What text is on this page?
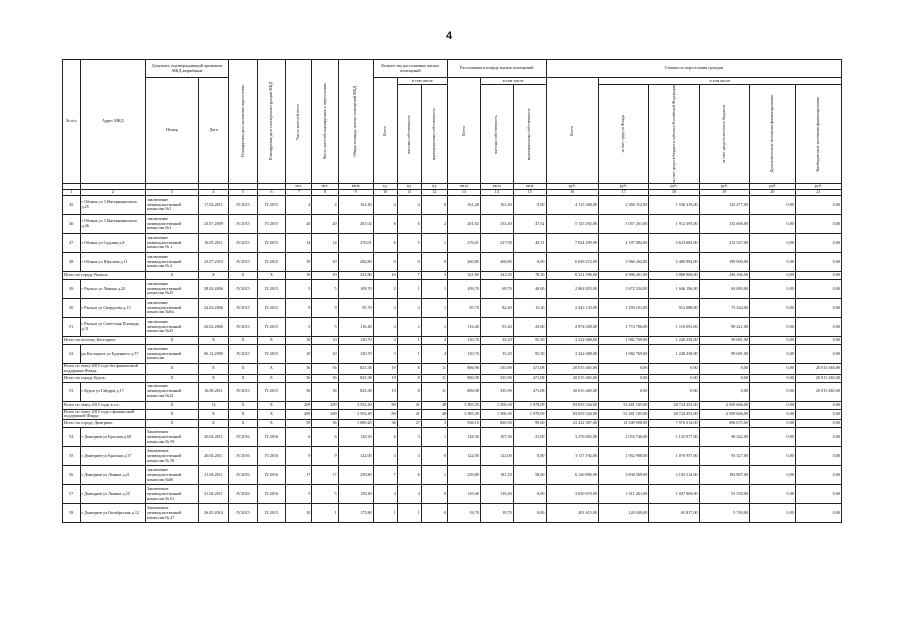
4
№ п/п	Адрес МКД	Документ, подтверждающий признание МКД аварийным		Планируемая дата окончания переселения	Планируемая дата сноса/реконструкции МКД	Число жителей всего	Число жителей планируемых к переселению	Общая площадь жилых помещений МКД	Количество расселяемых жилых помещений			Расселяемая площадь жилых помещений			Стоимость переселения граждан					
		Номер	Дата						Всего	в том числе		Всего	в том числе		Всего	в том числе				

										частная собственность	муниципальная собственность		частная собственность	муниципальная собственность		за счет средств Фонда	за счет средств бюджета субъекта Российской Федерации	за счет средств местного бюджета	Дополнительные источники финансирования	Внебюджетные источники финансирования

						чел.	чел.	кв.м	ед.	ед.	ед.	кв.м	кв.м	кв.м	руб.	руб.	руб.	руб.	руб	руб.
1	2	3	4	5	6	7	8	9	10	11	12	13	14	15	16	17	18	19	20	21
45	г Обоянь ул 3 Интернационала д.25	заключение межведомственной комиссии №1	17.02.2011	IV.2015	IV.2015	4	4	161,40	4	4	0	161,40	161,40	0,00	4 115 568,00	2 456 112,00	1 536 319,00	123 477,00	0,00	0,00
46	г Обоянь ул 3 Интернационала д.46	заключение межведомственной комиссии №1	23.07.2009	IV.2015	IV.2015	20	20	201,02	8	6	2	201,02	153,40	47,62	5 125 292,00	3 057 261,00	1 912 395,00	152 606,00	0,00	0,00
47	г Обоянь ул Садовая д.8	заключение межведомственной комиссии № 1	16.05.2011	IV.2015	IV.2015	14	14	276,01	6	5	1	276,01	227,90	48,11	7 024 299,00	4 187 082,00	2 623 683,00	213 527,00	0,00	0,00
48	г Обоянь ул Шкулева д.11	заключение межведомственной комиссии № 2	23.07.2010	IV.2015	IV.2015	19	19	260,80	9	9	0	260,80	260,80	0,00	6 649 272,00	3 966 262,00	2 480 992,00	199 800,00	0,00	0,00
Итого по городу Рыльск:		X	X	X	X	19	19	321,80	10	7	3	321,80	243,50	78,30	8 221 396,00	4 906 261,00	3 068 969,00	246 166,00	0,00	0,00
49	г Рыльск ул Ленина д.22	заключение межведомственной комиссии №25	28.02.2006	IV.2015	IV.2015	5	5	109,70	2	1	1	109,70	69,70	40,00	2 862 835,00	1 672 534,00	1 046 196,00	84 083,00	0,00	0,00
50	г Рыльск ул Свердлова д.15	заключение межведомственной комиссии №6/ь	24.02.2006	IV.2015	IV.2015	9	9	95,70	3	4	1	95,70	82,40	13,30	2 443 133,00	1 459 101,00	912 688,00	73 344,00	0,00	0,00
51	г Рыльск ул Советская Площадь д.31	заключение межведомственной комиссии №25	26.02.2006	IV.2015	IV.2015	5	5	116,40	3	2	1	116,40	91,40	25,00	2 974 028,00	1 774 706,00	1 110 091,00	89 221,00	0,00	0,00
Итого по поселку Касторное:		X	X	X	X	10	10	130,70	3	1	4	130,70	35,20	95,50	3 322 688,00	1 982 769,00	1 240 238,00	99 681,00	0,00	0,00
52	рп Касторное ул Буденного д.57	заключение межведомственной комиссии	06.12.2009	IV.2015	IV.2015	10	10	130,70	3	1	4	130,70	35,20	95,50	3 322 688,00	1 982 769,00	1 240 238,00	99 681,00	0,00	0,00
Всего по этапу 2015 года без финансовой поддержки Фонда:		X	X	X	X	56	56	825,38	19	8	11	806,98	335,90	471,08	20 015 465,00	0,00	0,00	0,00	0,00	20 015 465,00
Итого по городу Курск:		X	X	X	X	56	56	825,38	19	8	11	806,98	335,90	471,08	20 015 465,00	0,00	0,00	0,00	0,00	20 015 465,00
53	г Курск ул Гайдара д.17	заключение межведомственной комиссии №34	16.08.2011	IV.2015	IV.2015	56	56	825,38	19	8	11	806,98	335,90	471,08	20 015 465,00	0,00	0,00	0,00	0,00	20 015 465,00
Всего по этапу 2015 года, в т.ч.:		X	12	X	X	209	209	3 592,49	89	41	48	3 385,39	1 306,30	1 979,09	83 655 544,00	52 481 185,00	28 724 453,00	2 509 666,00	0,00	0,00
Всего по этапу 2015 года с финансовой поддержкой Фонда:		X	X	X	X	209	209	3 592,49	89	41	48	3 385,39	1 306,30	1 979,09	83 655 544,00	52 481 185,00	28 724 453,00	2 509 666,00	0,00	0,00
Итого по городу Дмитриев:		X	X	X	X	59	56	1 089,20	36	27	3	938,10	820,50	99,60	23 222 387,00	14 549 098,00	7 976 614,00	696 675,00	0,00	0,00
54	г Дмитриев ул Красная д.68	Заключение межведомственной комиссии № 59	20.04.2011	IV.2016	IV.2016	6	6	128,30	6	3	1	128,30	107,30	21,00	3 276 065,00	2 053 746,00	1 125 977,00	98 342,00	0,00	0,00
55	г Дмитриев ул Красная д.37	Заключение межведомственной комиссии № 58	20.04.2011	IV.2016	IV.2016	9	9	122,00	4	4	0	122,00	122,00	0,00	3 117 192,00	1 952 908,00	1 070 957,00	93 327,00	0,00	0,00
56	г Дмитриев ул Ленина д.21	заключение межведомственной комиссии №60	21.04.2011	IV.2016	IV.2016	17	17	239,80	7	6	1	239,80	181,20	58,60	6 126 890,00	3 838 569,00	2 104 514,00	183 807,00	0,00	0,00
57	г Дмитриев ул Ленина д.25	Заключение межведомственной комиссии № 61	21.04.2011	IV.2016	IV.2016	5	5	129,40	4	4	0	129,40	129,40	0,00	3 050 670,00	1 911 261,00	1 047 869,00	91 530,00	0,00	0,00
58	г Дмитриев ул Октябрьская д.12	Заключение межведомственной комиссии № 27	26.05.2010	IV.2015	IV.2015	10	1	175,80	1	1	0	18,70	18,70	0,00	201 615,00	120 049,00	65 817,00	5 749,00	0,00	0,00
